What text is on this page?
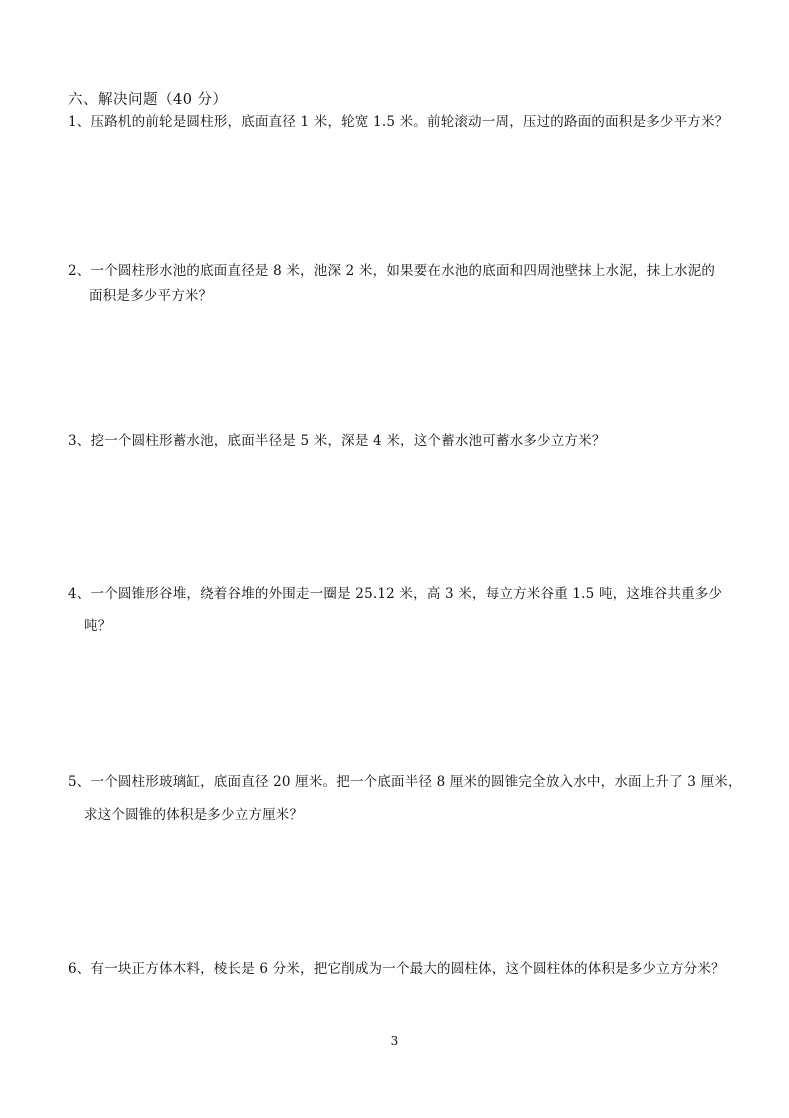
六、解决问题（40 分）
1、压路机的前轮是圆柱形，底面直径 1 米，轮宽 1.5 米。前轮滚动一周，压过的路面的面积是多少平方米？
2、一个圆柱形水池的底面直径是 8 米，池深 2 米，如果要在水池的底面和四周池壁抹上水泥，抹上水泥的
面积是多少平方米？
3、挖一个圆柱形蓄水池，底面半径是 5 米，深是 4 米，这个蓄水池可蓄水多少立方米？
4、一个圆锥形谷堆，绕着谷堆的外围走一圈是 25.12 米，高 3 米，每立方米谷重 1.5 吨，这堆谷共重多少
吨？
5、一个圆柱形玻璃缸，底面直径 20 厘米。把一个底面半径 8 厘米的圆锥完全放入水中，水面上升了 3 厘米，
求这个圆锥的体积是多少立方厘米？
6、有一块正方体木料，棱长是 6 分米，把它削成为一个最大的圆柱体，这个圆柱体的体积是多少立方分米？
3
